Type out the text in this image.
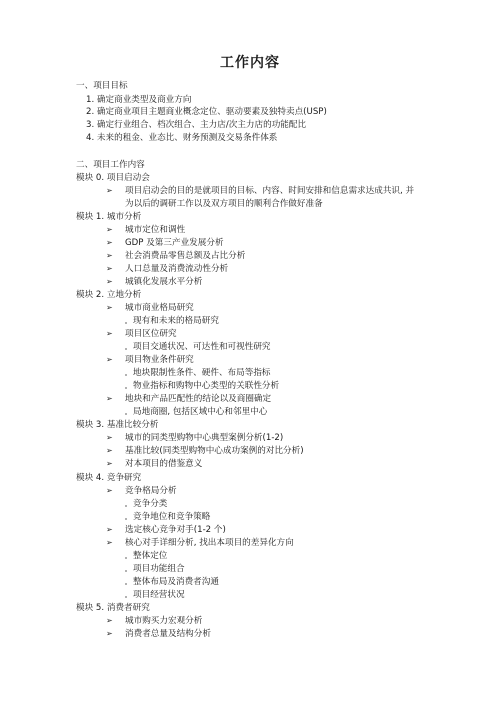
工作内容
一、项目目标
1. 确定商业类型及商业方向
2. 确定商业项目主题商业概念定位、驱动要素及独特卖点(USP)
3. 确定行业组合、档次组合、主力店/次主力店的功能配比
4. 未来的租金、业态比、财务预测及交易条件体系
二、项目工作内容
模块 0. 项目启动会
➢ 项目启动会的目的是就项目的目标、内容、时间安排和信息需求达成共识, 并
为以后的调研工作以及双方项目的顺利合作做好准备
模块 1. 城市分析
➢ 城市定位和调性
➢ GDP 及第三产业发展分析
➢ 社会消费品零售总额及占比分析
➢ 人口总量及消费流动性分析
➢ 城镇化发展水平分析
模块 2. 立地分析
➢ 城市商业格局研究
现有和未来的格局研究
➢ 项目区位研究
项目交通状况、可达性和可视性研究
➢ 项目物业条件研究
地块限制性条件、硬件、布局等指标
物业指标和购物中心类型的关联性分析
➢ 地块和产品匹配性的结论以及商圈确定
局地商圈, 包括区域中心和邻里中心
模块 3. 基准比较分析
➢ 城市的同类型购物中心典型案例分析(1-2)
➢ 基准比较(同类型购物中心成功案例的对比分析)
➢ 对本项目的借鉴意义
模块 4. 竞争研究
➢ 竞争格局分析
竞争分类
竞争地位和竞争策略
➢ 选定核心竞争对手(1-2 个)
➢ 核心对手详细分析, 找出本项目的差异化方向
整体定位
项目功能组合
整体布局及消费者沟通
项目经营状况
模块 5. 消费者研究
➢ 城市购买力宏观分析
➢ 消费者总量及结构分析
